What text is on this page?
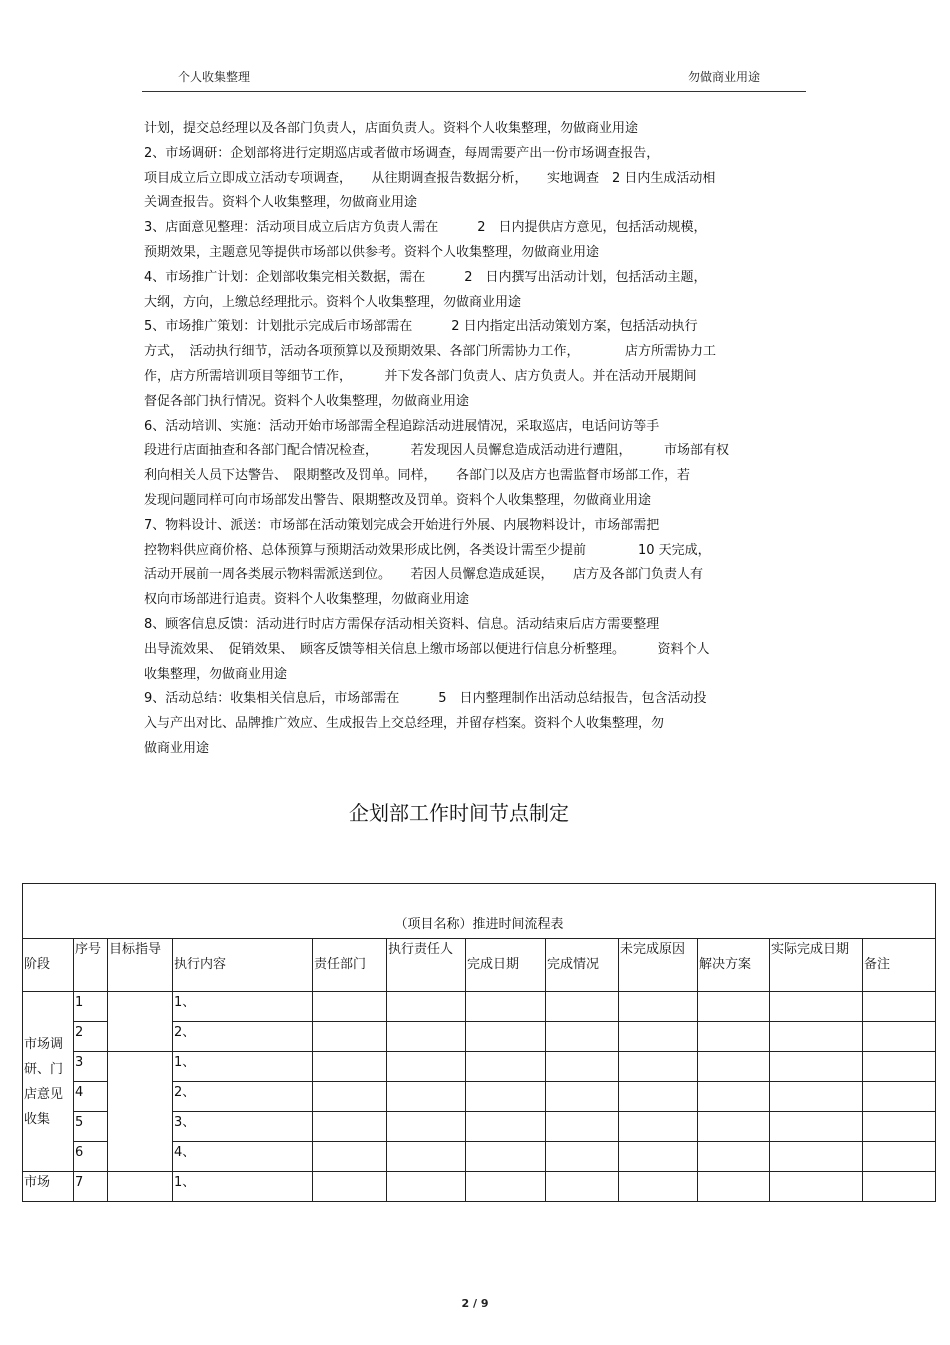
个人收集整理	勿做商业用途
计划，提交总经理以及各部门负责人，店面负责人。资料个人收集整理，勿做商业用途
2、市场调研：企划部将进行定期巡店或者做市场调查，每周需要产出一份市场调查报告，
项目成立后立即成立活动专项调查，　　从往期调查报告数据分析，　　实地调查　2 日内生成活动相
关调查报告。资料个人收集整理，勿做商业用途
3、店面意见整理：活动项目成立后店方负责人需在　　　2　日内提供店方意见，包括活动规模，
预期效果，主题意见等提供市场部以供参考。资料个人收集整理，勿做商业用途
4、市场推广计划：企划部收集完相关数据，需在　　　2　日内撰写出活动计划，包括活动主题，
大纲，方向，上缴总经理批示。资料个人收集整理，勿做商业用途
5、市场推广策划：计划批示完成后市场部需在　　　2 日内指定出活动策划方案，包括活动执行
方式，　活动执行细节，活动各项预算以及预期效果、各部门所需协力工作，　　　　店方所需协力工
作，店方所需培训项目等细节工作，　　　并下发各部门负责人、店方负责人。并在活动开展期间
督促各部门执行情况。资料个人收集整理，勿做商业用途
6、活动培训、实施：活动开始市场部需全程追踪活动进展情况，采取巡店，电话问访等手
段进行店面抽查和各部门配合情况检查，　　　若发现因人员懈怠造成活动进行遭阻，　　　市场部有权
利向相关人员下达警告、　限期整改及罚单。同样，　　各部门以及店方也需监督市场部工作，若
发现问题同样可向市场部发出警告、限期整改及罚单。资料个人收集整理，勿做商业用途
7、物料设计、派送：市场部在活动策划完成会开始进行外展、内展物料设计，市场部需把
控物料供应商价格、总体预算与预期活动效果形成比例，各类设计需至少提前　　　　10 天完成，
活动开展前一周各类展示物料需派送到位。　　若因人员懈怠造成延误，　　店方及各部门负责人有
权向市场部进行追责。资料个人收集整理，勿做商业用途
8、顾客信息反馈：活动进行时店方需保存活动相关资料、信息。活动结束后店方需要整理
出导流效果、　促销效果、　顾客反馈等相关信息上缴市场部以便进行信息分析整理。　　　资料个人
收集整理，勿做商业用途
9、活动总结：收集相关信息后，市场部需在　　　5　日内整理制作出活动总结报告，包含活动投
入与产出对比、品牌推广效应、生成报告上交总经理，并留存档案。资料个人收集整理，勿
做商业用途
企划部工作时间节点制定
（项目名称）推进时间流程表											
阶段	序号	目标指导	执行内容	责任部门	执行责任人	完成日期	完成情况	未完成原因	解决方案	实际完成日期	备注
市场调研、门店意见收集	1		1、								
	2		2、								
	3		1、								
	4		2、								
	5		3、								
	6		4、								
市场	7		1、								
2 / 9
